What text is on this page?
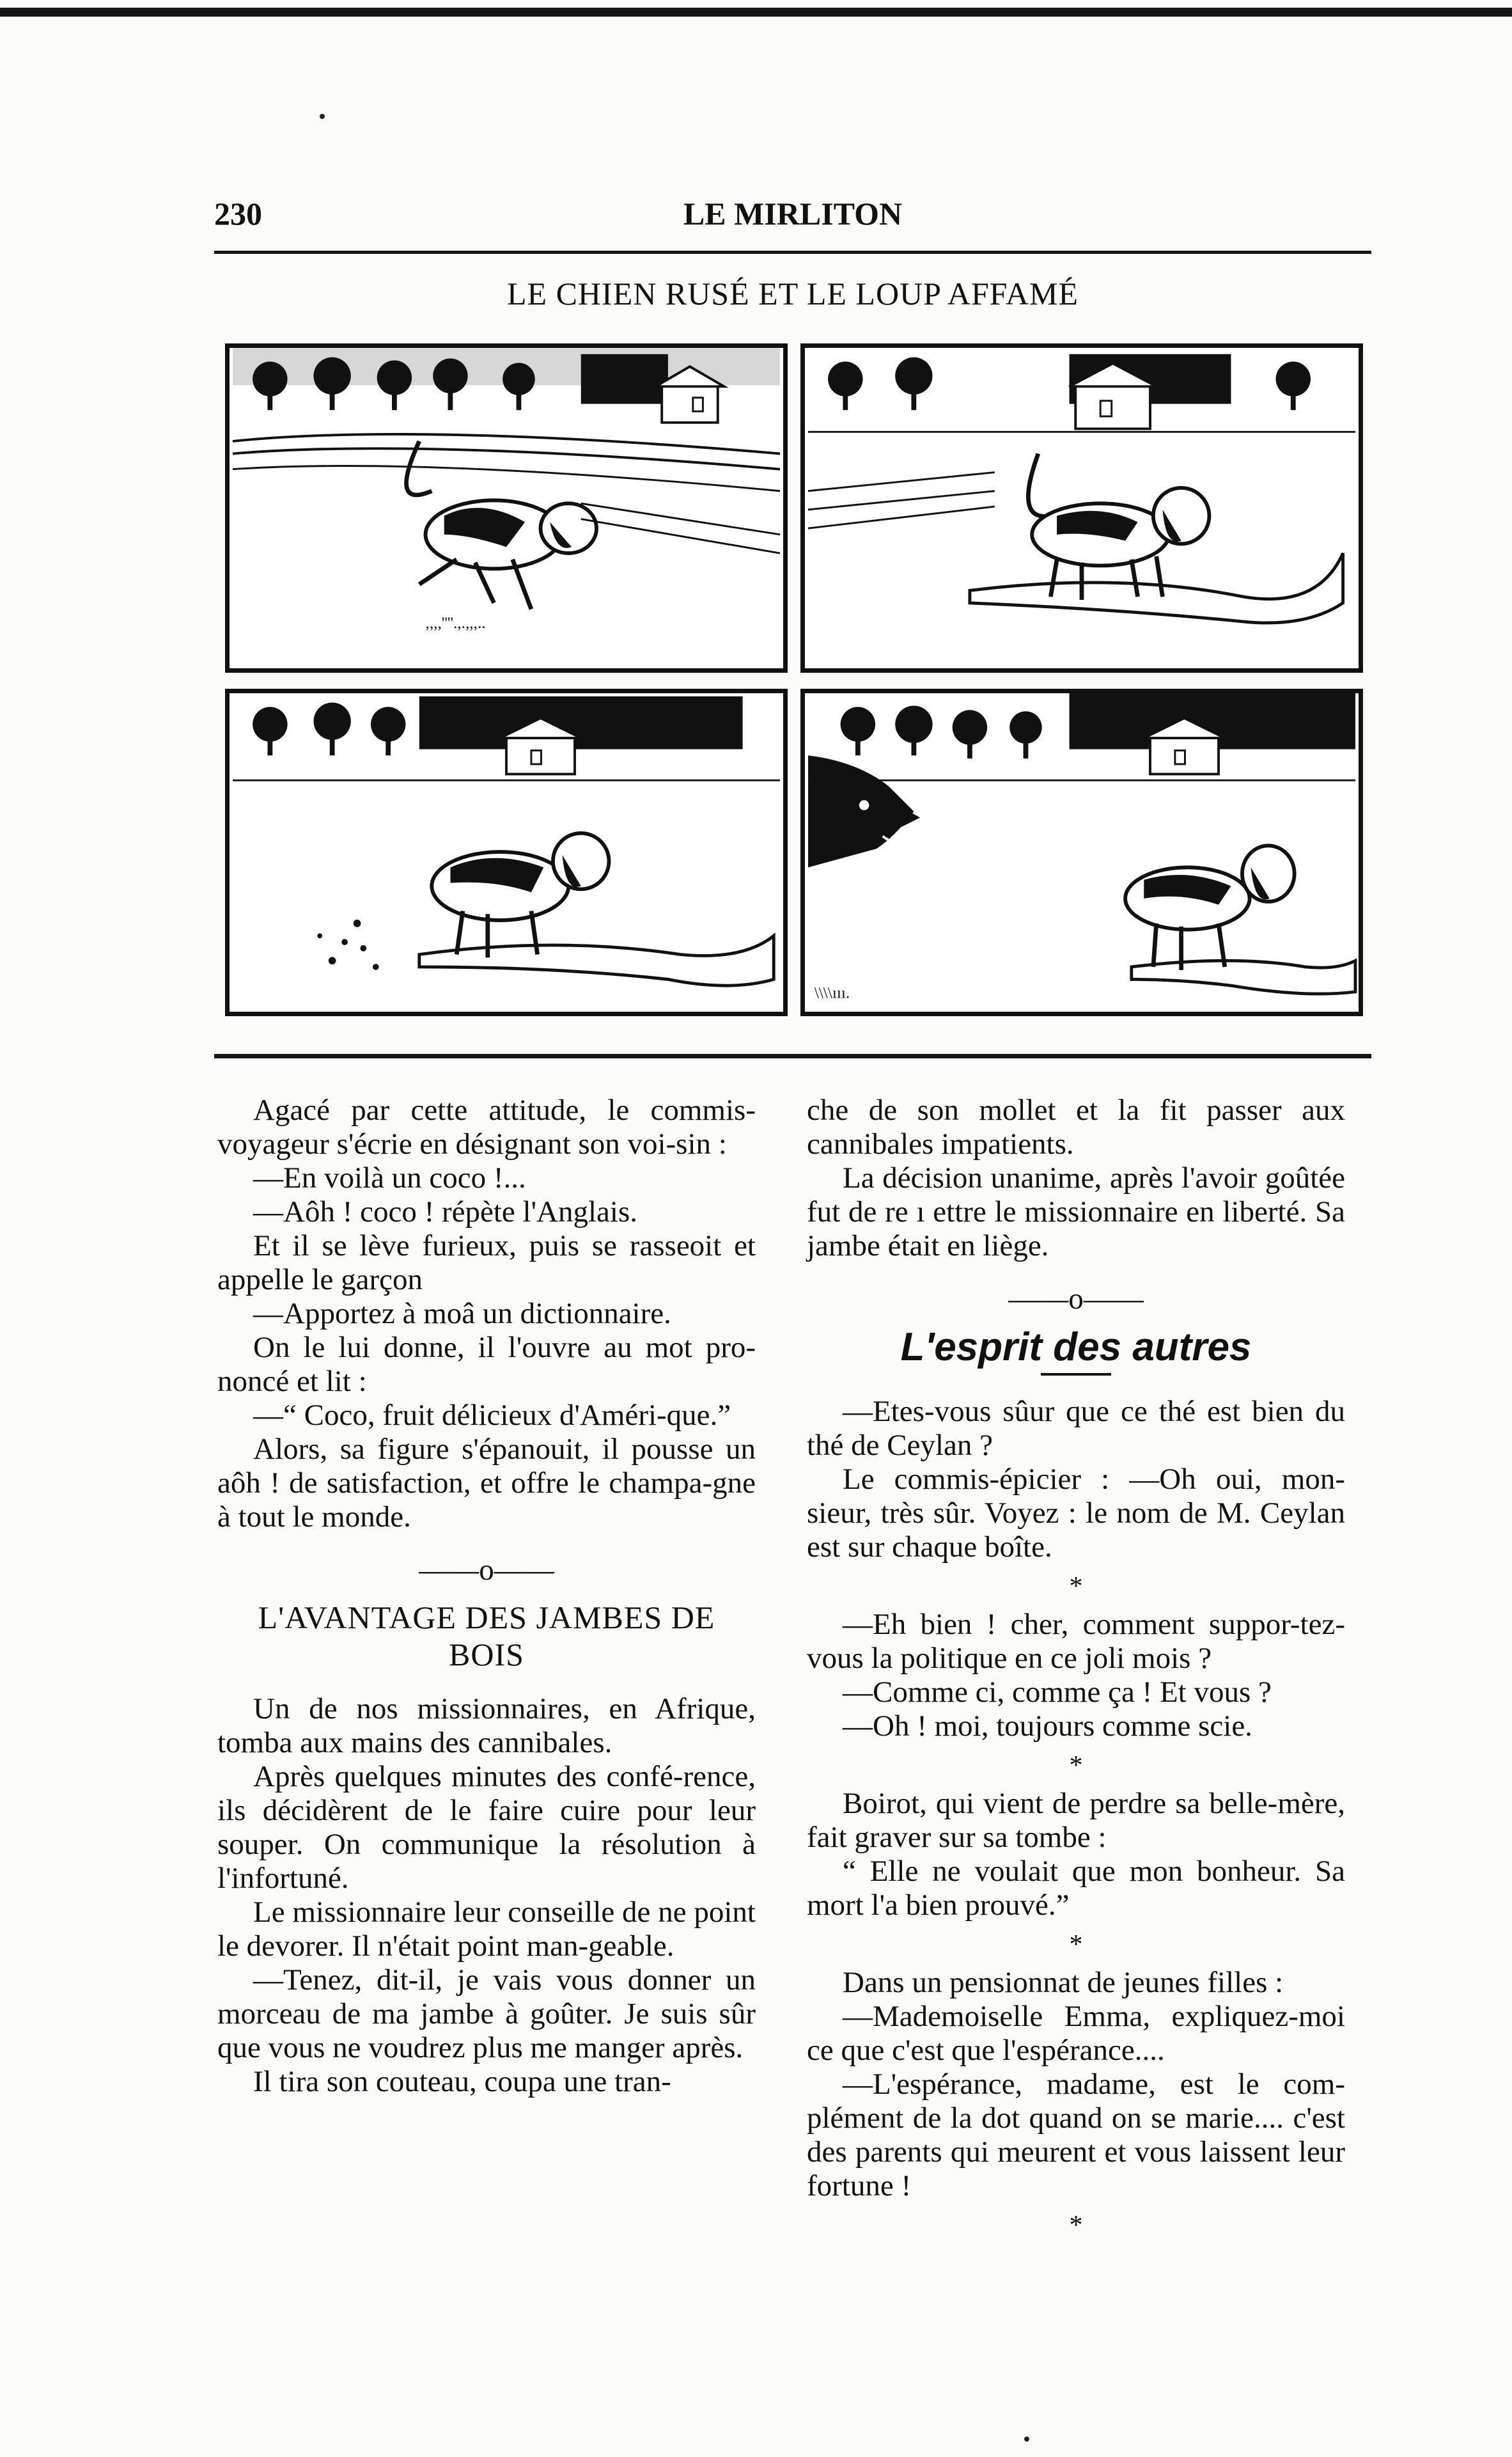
230	LE MIRLITON
LE CHIEN RUSÉ ET LE LOUP AFFAMÉ
,,,,''''.,.,,,..
\\\\ııı.

Agacé par cette attitude, le commis-voyageur s'écrie en désignant son voi-sin :

—En voilà un coco !...

—Aôh ! coco ! répète l'Anglais.

Et il se lève furieux, puis se rasseoit et appelle le garçon

—Apportez à moâ un dictionnaire.

On le lui donne, il l'ouvre au mot pro-noncé et lit :

—“ Coco, fruit délicieux d'Améri-que.”

Alors, sa figure s'épanouit, il pousse un aôh ! de satisfaction, et offre le champa-gne à tout le monde.

——o——
L'AVANTAGE DES JAMBES DE BOIS

Un de nos missionnaires, en Afrique, tomba aux mains des cannibales.

Après quelques minutes des confé-rence, ils décidèrent de le faire cuire pour leur souper. On communique la résolution à l'infortuné.

Le missionnaire leur conseille de ne point le devorer. Il n'était point man-geable.

—Tenez, dit-il, je vais vous donner un morceau de ma jambe à goûter. Je suis sûr que vous ne voudrez plus me manger après.

Il tira son couteau, coupa une tran-

che de son mollet et la fit passer aux cannibales impatients.

La décision unanime, après l'avoir goûtée fut de re ı ettre le missionnaire en liberté. Sa jambe était en liège.

——o——
L'esprit des autres

—Etes-vous sûur que ce thé est bien du thé de Ceylan ?

Le commis-épicier : —Oh oui, mon-sieur, très sûr. Voyez : le nom de M. Ceylan est sur chaque boîte.

*

—Eh bien ! cher, comment suppor-tez-vous la politique en ce joli mois ?

—Comme ci, comme ça ! Et vous ?

—Oh ! moi, toujours comme scie.

*

Boirot, qui vient de perdre sa belle-mère, fait graver sur sa tombe :

“ Elle ne voulait que mon bonheur. Sa mort l'a bien prouvé.”

*

Dans un pensionnat de jeunes filles :

—Mademoiselle Emma, expliquez-moi ce que c'est que l'espérance....

—L'espérance, madame, est le com-plément de la dot quand on se marie.... c'est des parents qui meurent et vous laissent leur fortune !

*
